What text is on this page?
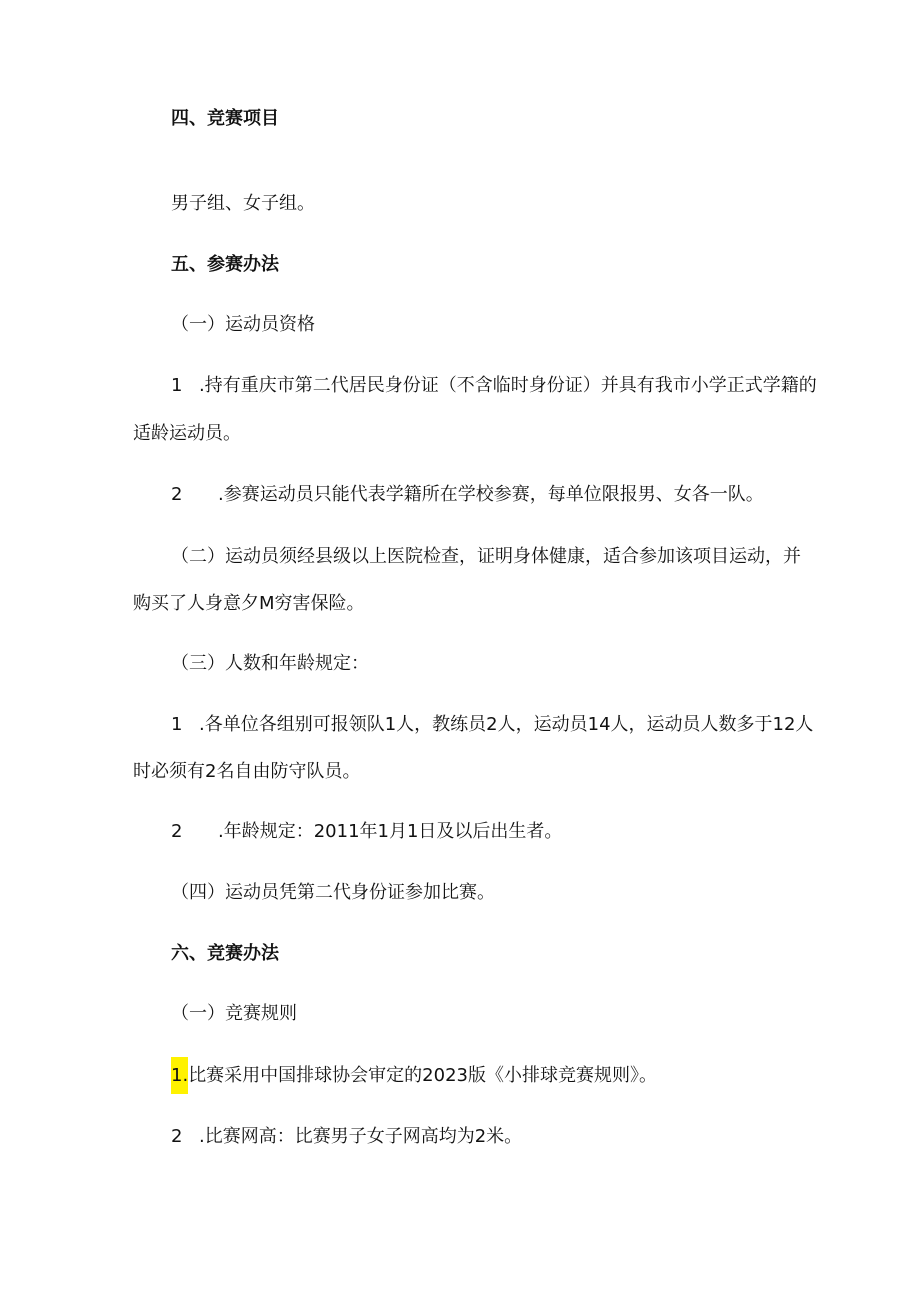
四、竞赛项目
男子组、女子组。
五、参赛办法
（一）运动员资格
1 .持有重庆市第二代居民身份证（不含临时身份证）并具有我市小学正式学籍的
适龄运动员。
2 .参赛运动员只能代表学籍所在学校参赛，每单位限报男、女各一队。
（二）运动员须经县级以上医院检查，证明身体健康，适合参加该项目运动，并
购买了人身意夕M穷害保险。
（三）人数和年龄规定：
1 .各单位各组别可报领队1人，教练员2人，运动员14人，运动员人数多于12人
时必须有2名自由防守队员。
2 .年龄规定：2011年1月1日及以后出生者。
（四）运动员凭第二代身份证参加比赛。
六、竞赛办法
（一）竞赛规则
1.比赛采用中国排球协会审定的2023版《小排球竞赛规则》。
2 .比赛网高：比赛男子女子网高均为2米。
